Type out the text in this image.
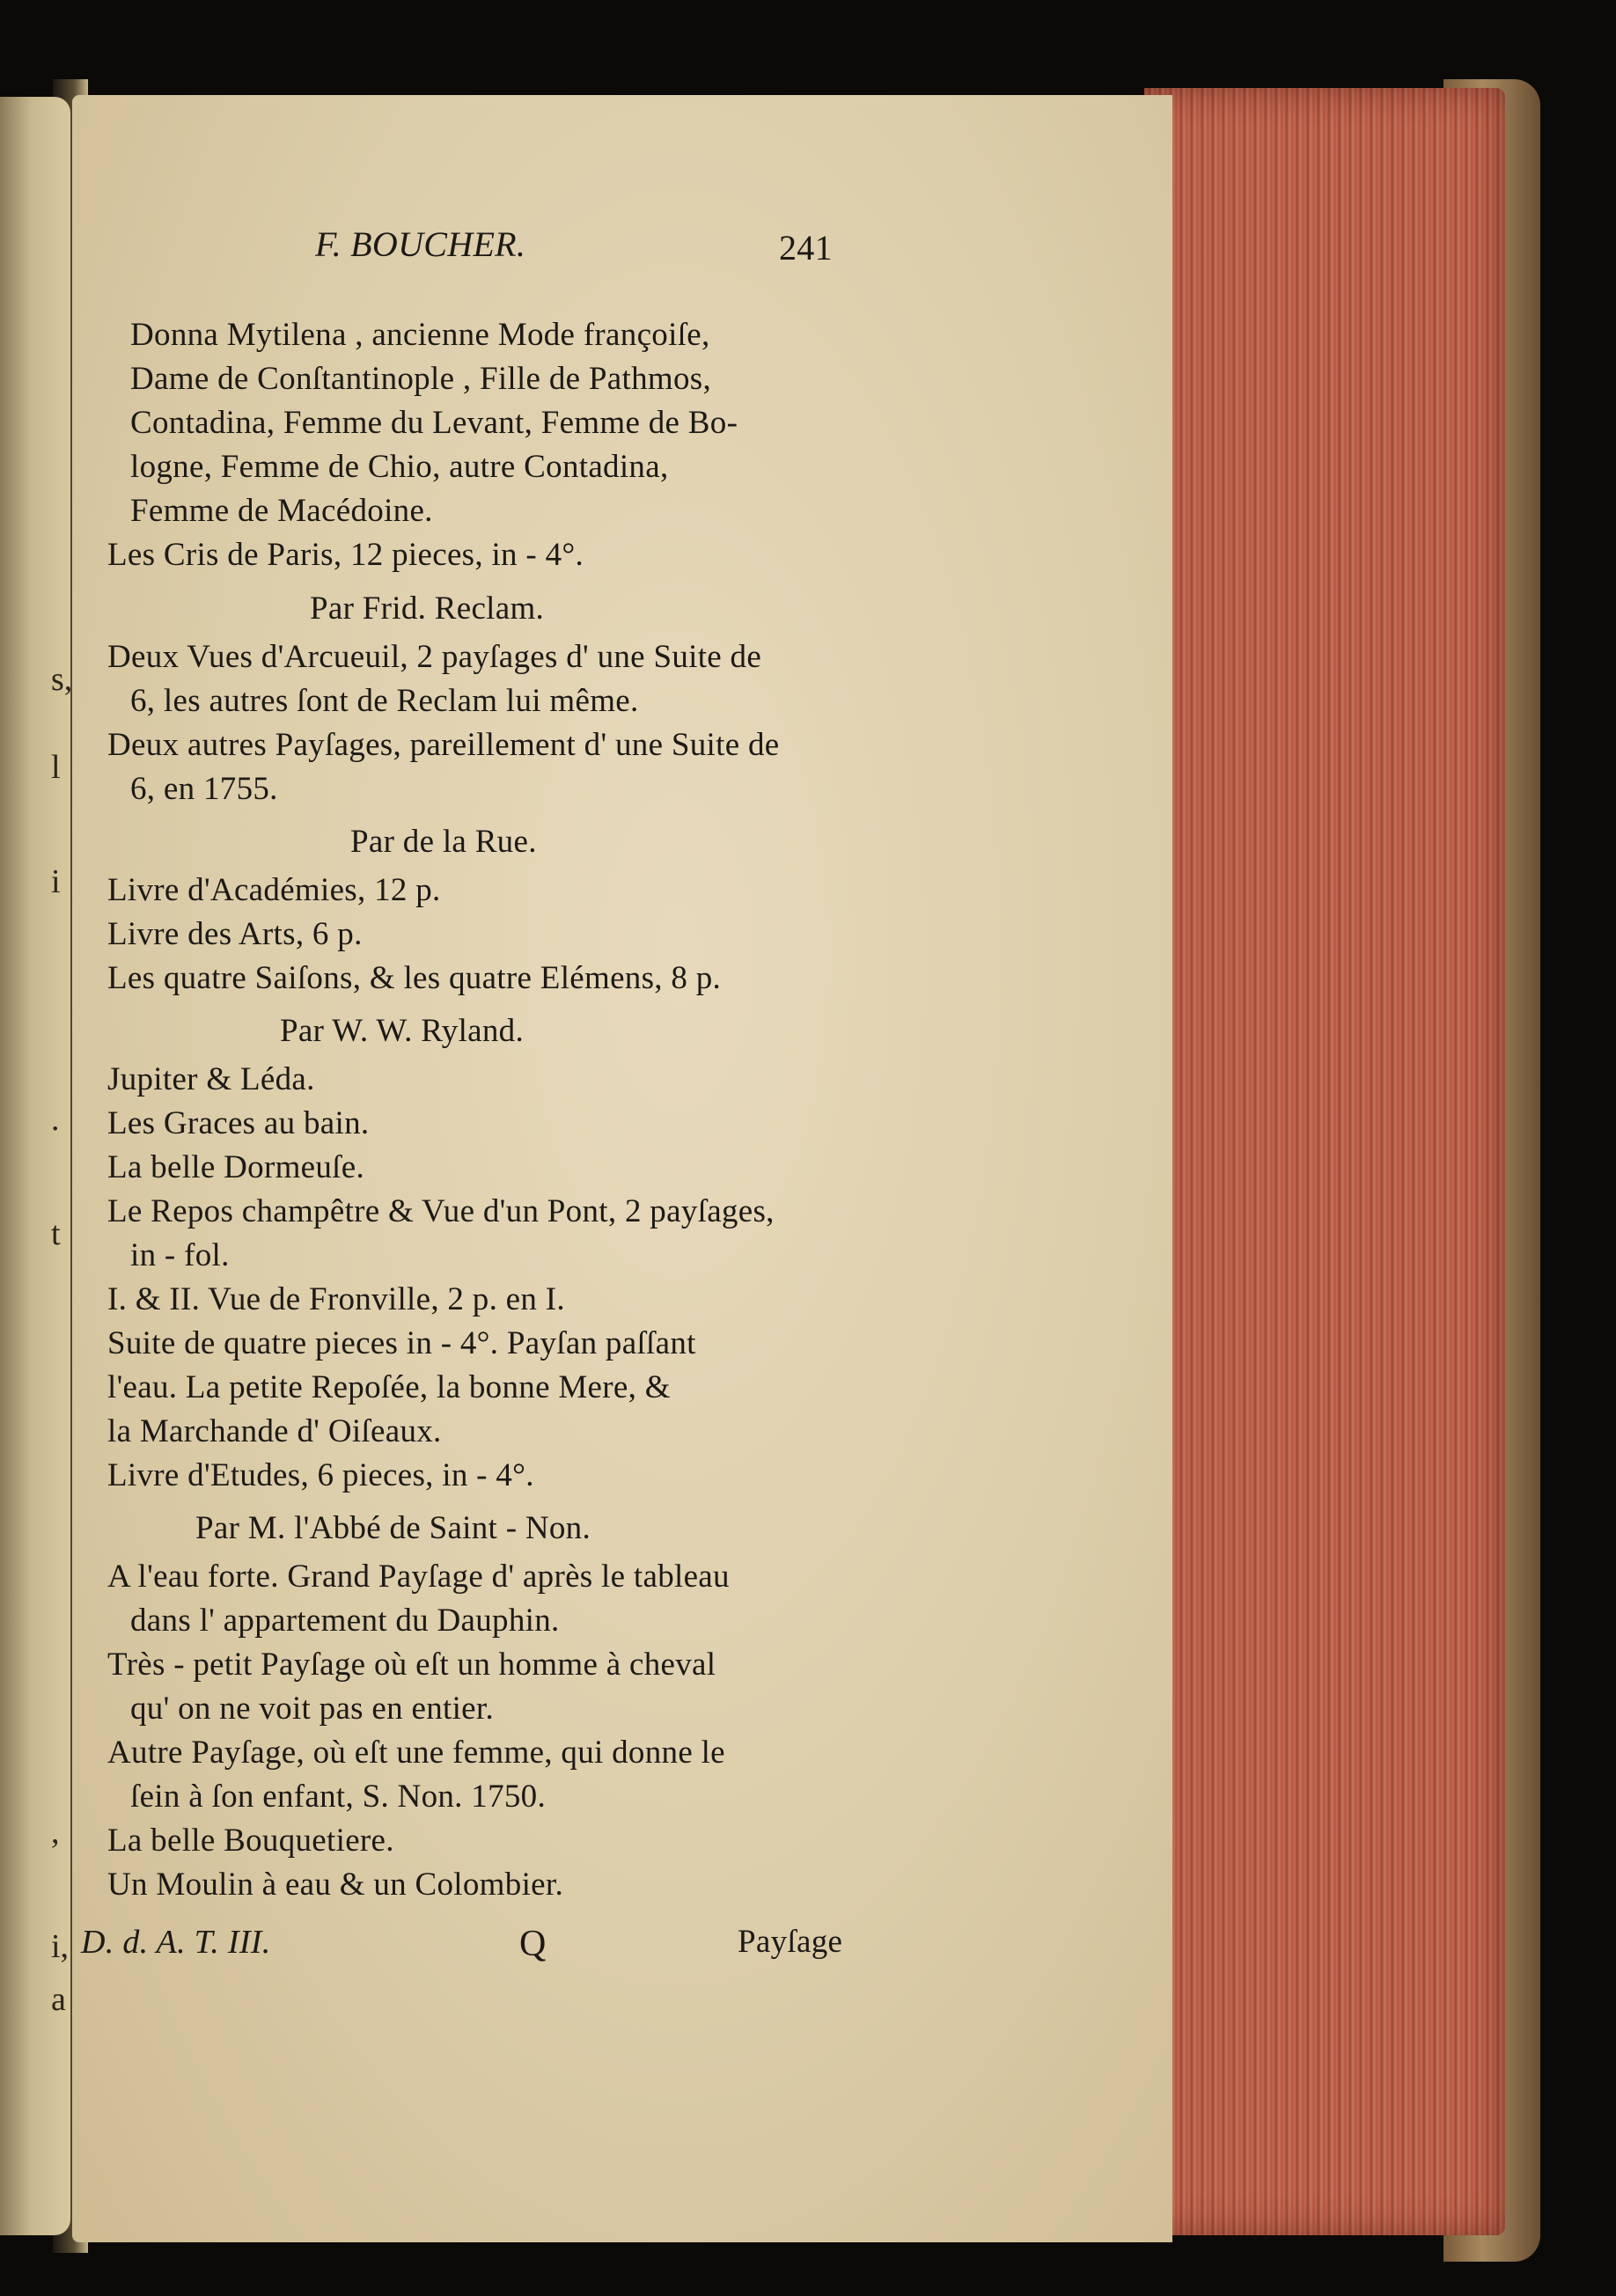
s,
l
i
.
t
,
i,
a
F. BOUCHER.	241
Donna Mytilena , ancienne Mode françoiſe,
Dame de Conſtantinople , Fille de Pathmos,
Contadina, Femme du Levant, Femme de Bo-
logne, Femme de Chio, autre Contadina,
Femme de Macédoine.
Les Cris de Paris, 12 pieces, in - 4°.
Par Frid. Reclam.
Deux Vues d'Arcueuil, 2 payſages d' une Suite de
6, les autres ſont de Reclam lui même.
Deux autres Payſages, pareillement d' une Suite de
6, en 1755.
Par de la Rue.
Livre d'Académies, 12 p.
Livre des Arts, 6 p.
Les quatre Saiſons, & les quatre Elémens, 8 p.
Par W. W. Ryland.
Jupiter & Léda.
Les Graces au bain.
La belle Dormeuſe.
Le Repos champêtre & Vue d'un Pont, 2 payſages,
in - fol.
I. & II. Vue de Fronville, 2 p. en I.
Suite de quatre pieces in - 4°. Payſan paſſant
l'eau. La petite Repoſée, la bonne Mere, &
la Marchande d' Oiſeaux.
Livre d'Etudes, 6 pieces, in - 4°.
Par M. l'Abbé de Saint - Non.
A l'eau forte. Grand Payſage d' après le tableau
dans l' appartement du Dauphin.
Très - petit Payſage où eſt un homme à cheval
qu' on ne voit pas en entier.
Autre Payſage, où eſt une femme, qui donne le
ſein à ſon enfant, S. Non. 1750.
La belle Bouquetiere.
Un Moulin à eau & un Colombier.
D. d. A. T. III.	Q	Payſage
